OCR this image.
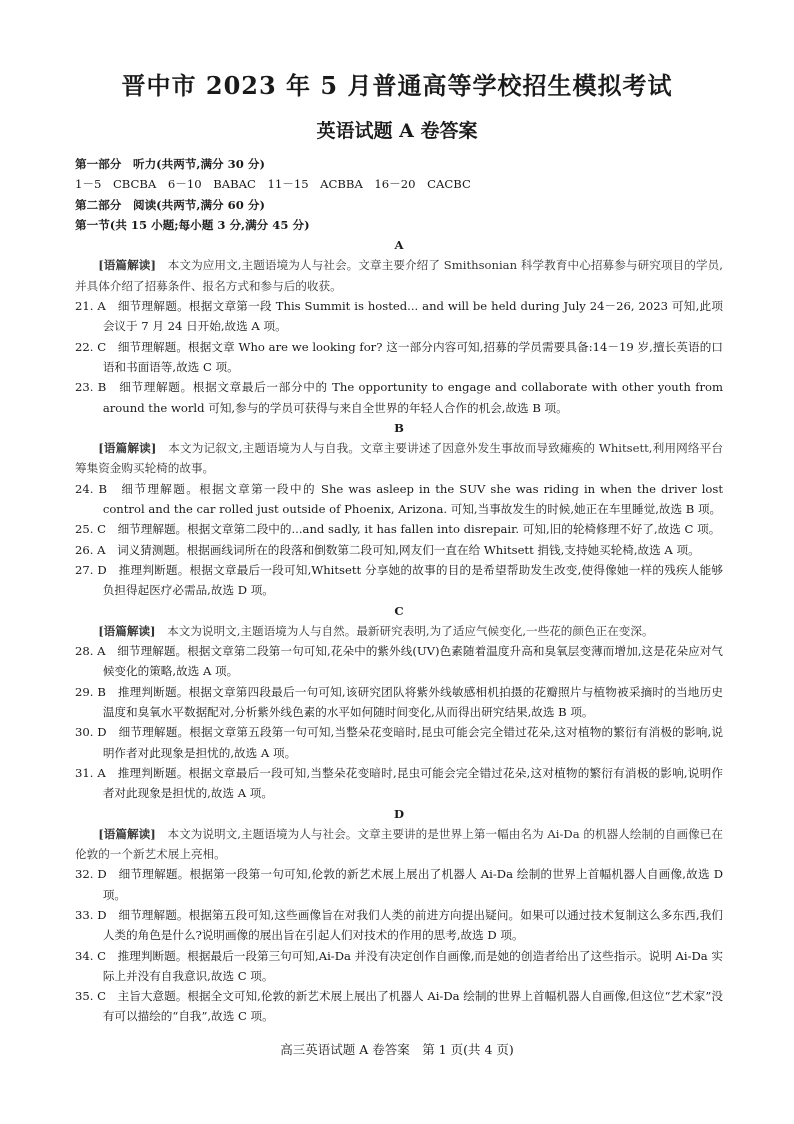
晋中市 2023 年 5 月普通高等学校招生模拟考试
英语试题 A 卷答案

第一部分　听力(共两节,满分 30 分)

1－5　CBCBA　6－10　BABAC　11－15　ACBBA　16－20　CACBC

第二部分　阅读(共两节,满分 60 分)

第一节(共 15 小题;每小题 3 分,满分 45 分)

A

[语篇解读]　本文为应用文,主题语境为人与社会。文章主要介绍了 Smithsonian 科学教育中心招募参与研究项目的学员,并具体介绍了招募条件、报名方式和参与后的收获。

21. A　细节理解题。根据文章第一段 This Summit is hosted... and will be held during July 24－26, 2023 可知,此项会议于 7 月 24 日开始,故选 A 项。

22. C　细节理解题。根据文章 Who are we looking for? 这一部分内容可知,招募的学员需要具备:14－19 岁,擅长英语的口语和书面语等,故选 C 项。

23. B　细节理解题。根据文章最后一部分中的 The opportunity to engage and collaborate with other youth from around the world 可知,参与的学员可获得与来自全世界的年轻人合作的机会,故选 B 项。

B

[语篇解读]　本文为记叙文,主题语境为人与自我。文章主要讲述了因意外发生事故而导致瘫痪的 Whitsett,利用网络平台筹集资金购买轮椅的故事。

24. B　细节理解题。根据文章第一段中的 She was asleep in the SUV she was riding in when the driver lost control and the car rolled just outside of Phoenix, Arizona. 可知,当事故发生的时候,她正在车里睡觉,故选 B 项。

25. C　细节理解题。根据文章第二段中的...and sadly, it has fallen into disrepair. 可知,旧的轮椅修理不好了,故选 C 项。

26. A　词义猜测题。根据画线词所在的段落和倒数第二段可知,网友们一直在给 Whitsett 捐钱,支持她买轮椅,故选 A 项。

27. D　推理判断题。根据文章最后一段可知,Whitsett 分享她的故事的目的是希望帮助发生改变,使得像她一样的残疾人能够负担得起医疗必需品,故选 D 项。

C

[语篇解读]　本文为说明文,主题语境为人与自然。最新研究表明,为了适应气候变化,一些花的颜色正在变深。

28. A　细节理解题。根据文章第二段第一句可知,花朵中的紫外线(UV)色素随着温度升高和臭氧层变薄而增加,这是花朵应对气候变化的策略,故选 A 项。

29. B　推理判断题。根据文章第四段最后一句可知,该研究团队将紫外线敏感相机拍摄的花瓣照片与植物被采摘时的当地历史温度和臭氧水平数据配对,分析紫外线色素的水平如何随时间变化,从而得出研究结果,故选 B 项。

30. D　细节理解题。根据文章第五段第一句可知,当整朵花变暗时,昆虫可能会完全错过花朵,这对植物的繁衍有消极的影响,说明作者对此现象是担忧的,故选 A 项。

31. A　推理判断题。根据文章最后一段可知,当整朵花变暗时,昆虫可能会完全错过花朵,这对植物的繁衍有消极的影响,说明作者对此现象是担忧的,故选 A 项。

D

[语篇解读]　本文为说明文,主题语境为人与社会。文章主要讲的是世界上第一幅由名为 Ai-Da 的机器人绘制的自画像已在伦敦的一个新艺术展上亮相。

32. D　细节理解题。根据第一段第一句可知,伦敦的新艺术展上展出了机器人 Ai-Da 绘制的世界上首幅机器人自画像,故选 D 项。

33. D　细节理解题。根据第五段可知,这些画像旨在对我们人类的前进方向提出疑问。如果可以通过技术复制这么多东西,我们人类的角色是什么?说明画像的展出旨在引起人们对技术的作用的思考,故选 D 项。

34. C　推理判断题。根据最后一段第三句可知,Ai-Da 并没有决定创作自画像,而是她的创造者给出了这些指示。说明 Ai-Da 实际上并没有自我意识,故选 C 项。

35. C　主旨大意题。根据全文可知,伦敦的新艺术展上展出了机器人 Ai-Da 绘制的世界上首幅机器人自画像,但这位“艺术家”没有可以描绘的“自我”,故选 C 项。

高三英语试题 A 卷答案　第 1 页(共 4 页)
